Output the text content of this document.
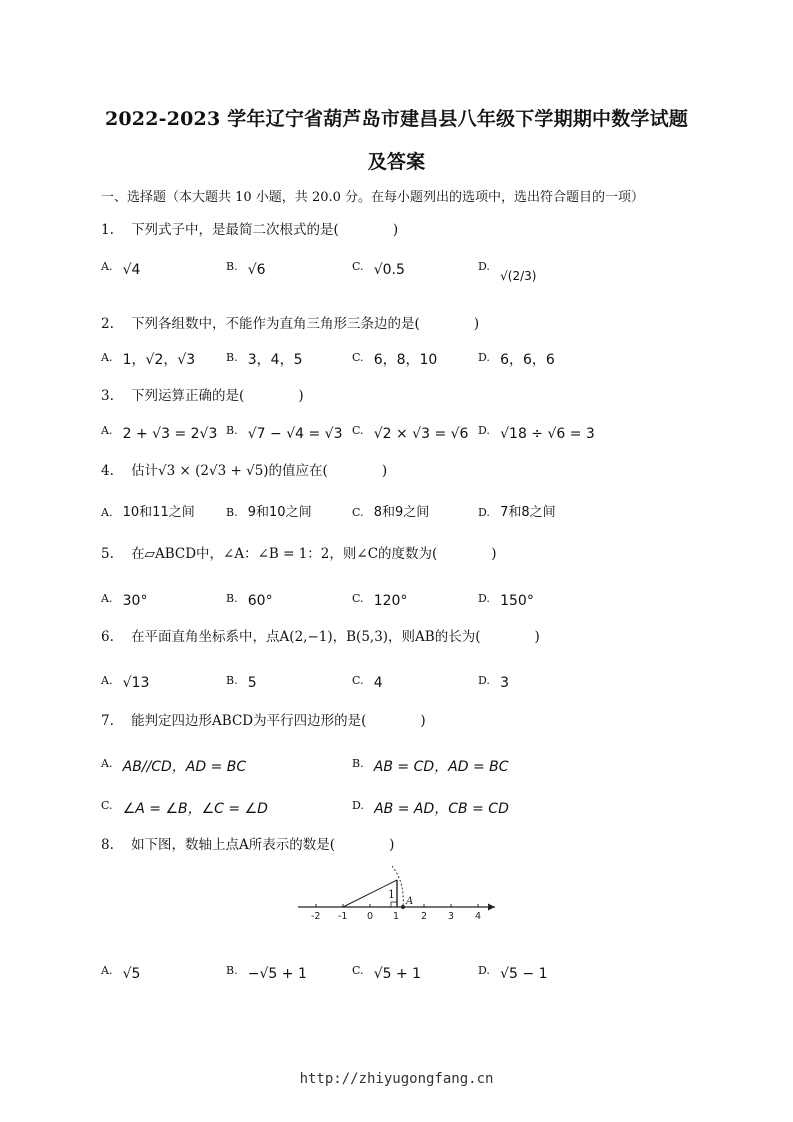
2022-2023 学年辽宁省葫芦岛市建昌县八年级下学期期中数学试题
及答案
一、选择题（本大题共 10 小题，共 20.0 分。在每小题列出的选项中，选出符合题目的一项）
1. 下列式子中，是最简二次根式的是(　　　　)
A. √4	B. √6	C. √0.5	D.  $_{√(2/3)}$
2. 下列各组数中，不能作为直角三角形三条边的是(　　　　)
A. 1，√2，√3	B. 3，4，5	C. 6，8，10	D. 6，6，6
3. 下列运算正确的是(　　　　)
A. 2 + √3 = 2√3 B. √7 − √4 = √3 C. √2 × √3 = √6 D. √18 ÷ √6 = 3
4. 估计√3 × (2√3 + √5)的值应在(　　　　)
A. 10和11之间	B. 9和10之间	C. 8和9之间	D. 7和8之间
5. 在▱ABCD中，∠A：∠B = 1：2，则∠C的度数为(　　　　)
A. 30°	B. 60°	C. 120°	D. 150°
6. 在平面直角坐标系中，点A(2,−1)，B(5,3)，则AB的长为(　　　　)
A. √13	B. 5	C. 4	D. 3
7. 能判定四边形ABCD为平行四边形的是(　　　　)
A. AB//CD，AD = BC	B. AB = CD，AD = BC
C. ∠A = ∠B，∠C = ∠D	D. AB = AD，CB = CD
8. 如下图，数轴上点A所表示的数是(　　　　)
1
A
-2 -1 0 1 2 3 4
A. √5	B. −√5 + 1	C. √5 + 1	D. √5 − 1
http://zhiyugongfang.cn
